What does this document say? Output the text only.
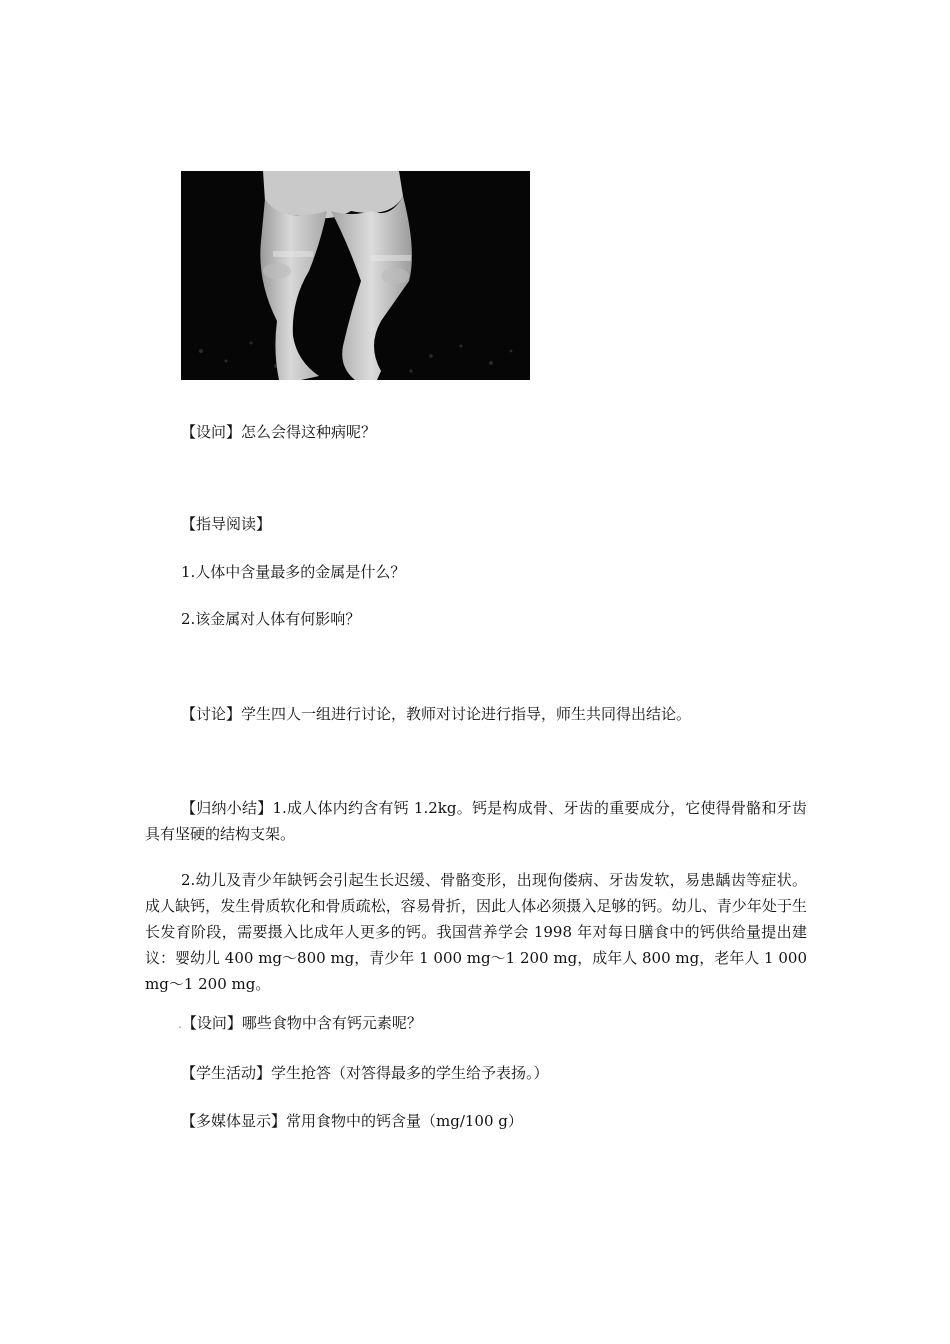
【设问】怎么会得这种病呢？
【指导阅读】
1.人体中含量最多的金属是什么？
2.该金属对人体有何影响？
【讨论】学生四人一组进行讨论，教师对讨论进行指导，师生共同得出结论。
【归纳小结】1.成人体内约含有钙 1.2kg。钙是构成骨、牙齿的重要成分，它使得骨骼和牙齿具有坚硬的结构支架。
2.幼儿及青少年缺钙会引起生长迟缓、骨骼变形，出现佝偻病、牙齿发软，易患龋齿等症状。成人缺钙，发生骨质软化和骨质疏松，容易骨折，因此人体必须摄入足够的钙。幼儿、青少年处于生长发育阶段，需要摄入比成年人更多的钙。我国营养学会 1998 年对每日膳食中的钙供给量提出建议：婴幼儿 400 mg～800 mg，青少年 1 000 mg～1 200 mg，成年人 800 mg，老年人 1 000 mg～1 200 mg。
.【设问】哪些食物中含有钙元素呢？
【学生活动】学生抢答（对答得最多的学生给予表扬。）
【多媒体显示】常用食物中的钙含量（mg/100 g）
